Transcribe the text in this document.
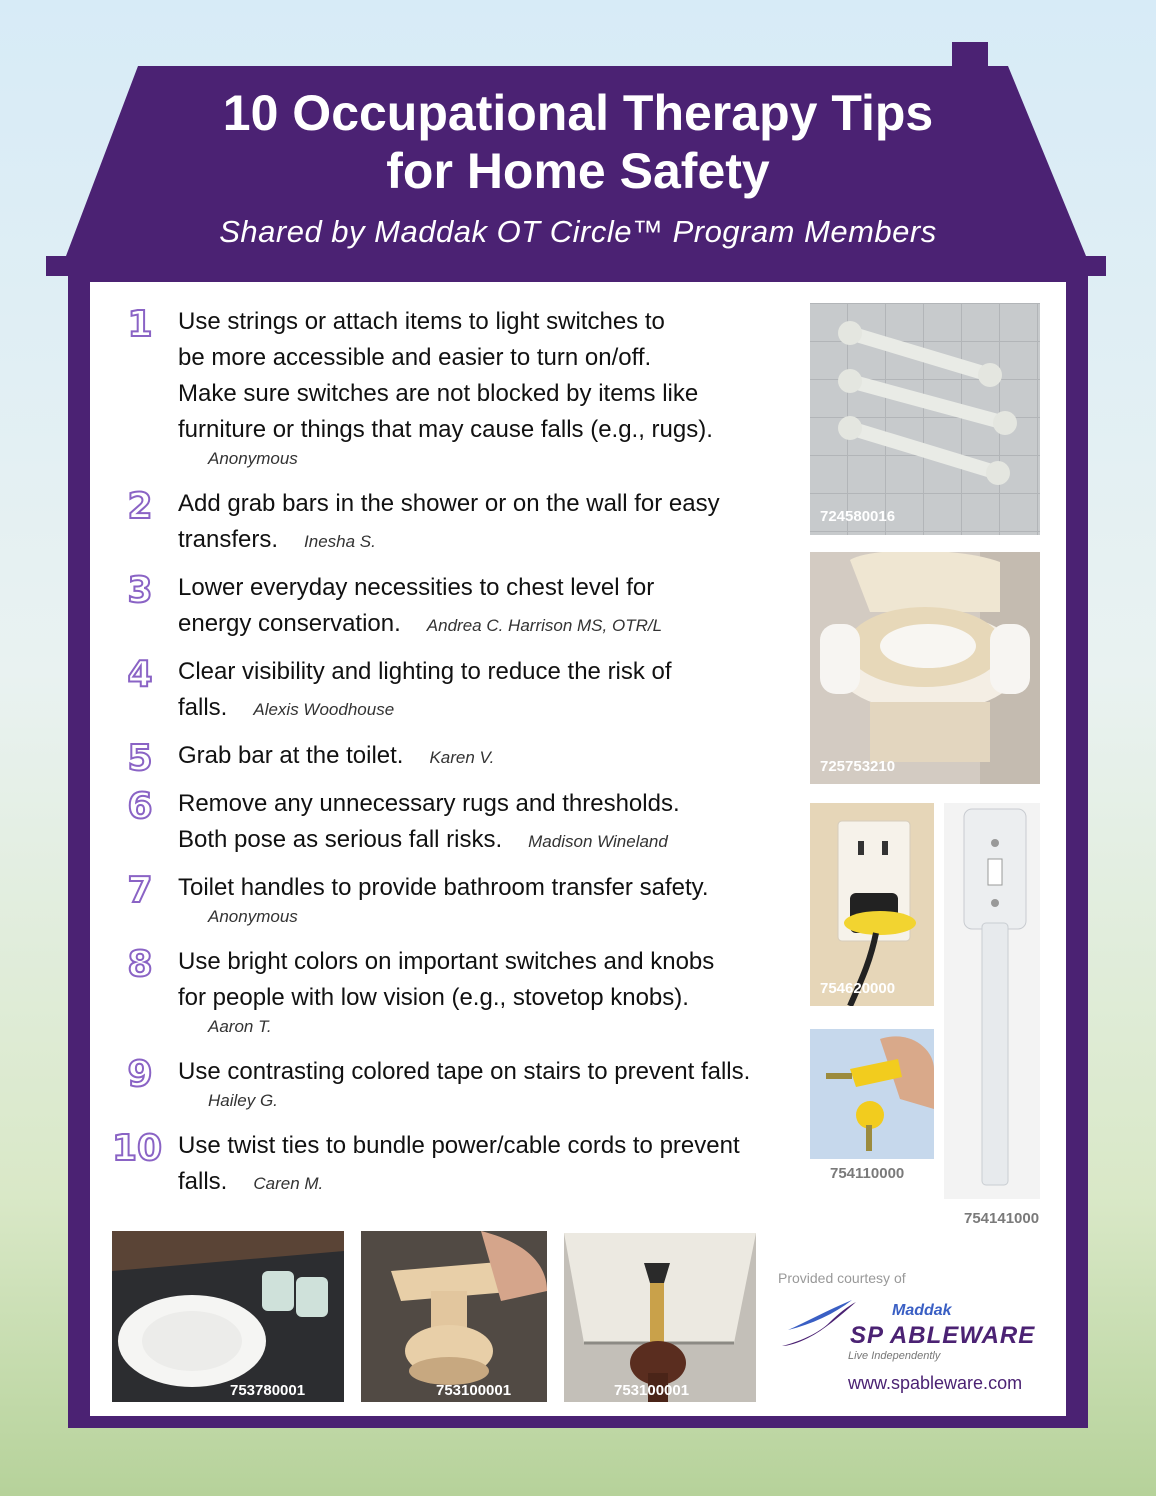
10 Occupational Therapy Tips
for Home Safety

Shared by Maddak OT Circle™ Program Members

1	Use strings or attach items to light switches to
be more accessible and easier to turn on/off.
Make sure switches are not blocked by items like
furniture or things that may cause falls (e.g., rugs).
Anonymous
2	Add grab bars in the shower or on the wall for easy
transfers. Inesha S.
3	Lower everyday necessities to chest level for
energy conservation. Andrea C. Harrison MS, OTR/L
4	Clear visibility and lighting to reduce the risk of
falls. Alexis Woodhouse
5	Grab bar at the toilet. Karen V.
6	Remove any unnecessary rugs and thresholds.
Both pose as serious fall risks. Madison Wineland
7	Toilet handles to provide bathroom transfer safety.
Anonymous
8	Use bright colors on important switches and knobs
for people with low vision (e.g., stovetop knobs).
Aaron T.
9	Use contrasting colored tape on stairs to prevent falls.
Hailey G.
10 Use twist ties to bundle power/cable cords to prevent
falls. Caren M.
724580016
725753210
754620000
754141000
754110000
753780001	753100001	753100001
Provided courtesy of
Maddak
SP ABLEWARE
Live Independently
www.spableware.com
